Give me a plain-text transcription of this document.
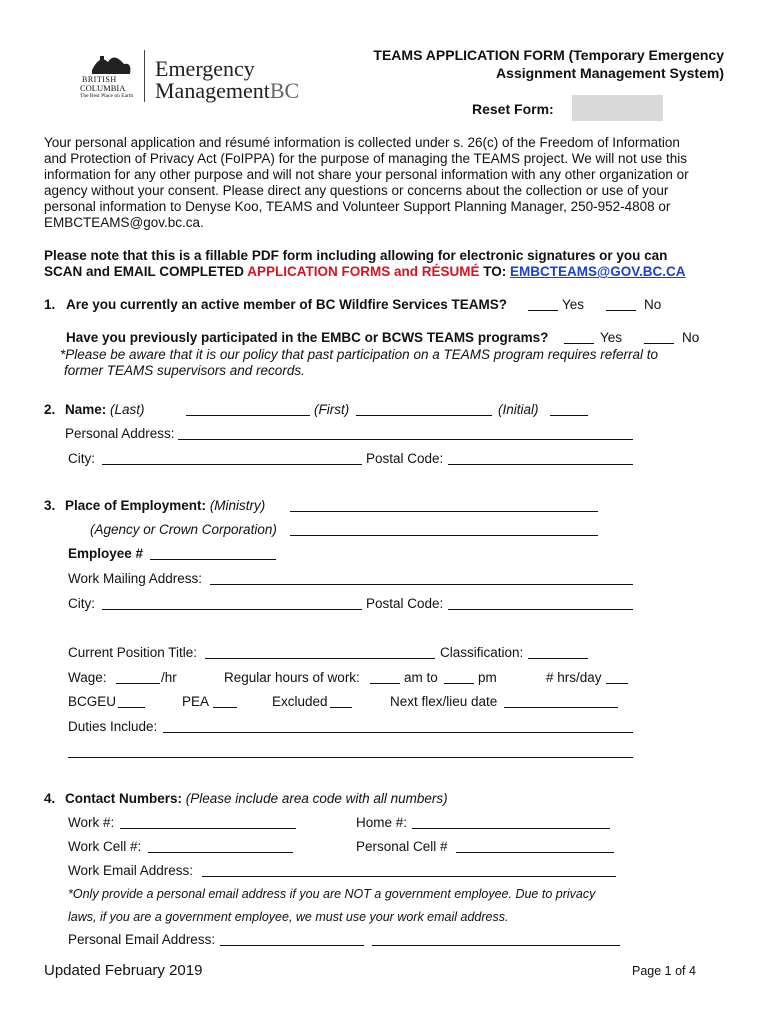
BRITISH
COLUMBIA
The Best Place on Earth
Emergency
ManagementBC
TEAMS APPLICATION FORM (Temporary Emergency
Assignment Management System)
Reset Form:
Your personal application and résumé information is collected under s. 26(c) of the Freedom of Information
and Protection of Privacy Act (FoIPPA) for the purpose of managing the TEAMS project. We will not use this
information for any other purpose and will not share your personal information with any other organization or
agency without your consent. Please direct any questions or concerns about the collection or use of your
personal information to Denyse Koo, TEAMS and Volunteer Support Planning Manager, 250-952-4808 or
EMBCTEAMS@gov.bc.ca.
Please note that this is a fillable PDF form including allowing for electronic signatures or you can
SCAN and EMAIL COMPLETED APPLICATION FORMS and RÉSUMÉ TO: EMBCTEAMS@GOV.BC.CA
1. Are you currently an active member of BC Wildfire Services TEAMS?	Yes	No
Have you previously participated in the EMBC or BCWS TEAMS programs?	Yes	No
*Please be aware that it is our policy that past participation on a TEAMS program requires referral to
former TEAMS supervisors and records.
2. Name: (Last)	(First)	(Initial)
Personal Address:
City:	Postal Code:
3. Place of Employment: (Ministry)
(Agency or Crown Corporation)
Employee #
Work Mailing Address:
City:	Postal Code:
Current Position Title:	Classification:
Wage:	/hr	Regular hours of work:	am to	pm	# hrs/day
BCGEU	PEA	Excluded	Next flex/lieu date
Duties Include:
4. Contact Numbers: (Please include area code with all numbers)
Work #:	Home #:
Work Cell #:	Personal Cell #
Work Email Address:
*Only provide a personal email address if you are NOT a government employee. Due to privacy
laws, if you are a government employee, we must use your work email address.
Personal Email Address:
Updated February 2019	Page 1 of 4
